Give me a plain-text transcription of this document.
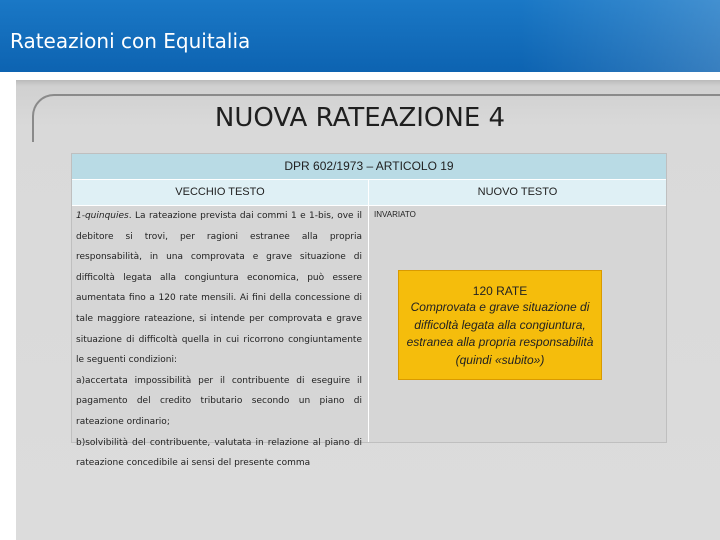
Rateazioni con Equitalia
NUOVA RATEAZIONE 4
DPR 602/1973 – ARTICOLO 19
VECCHIO TESTO	NUOVO TESTO

1-quinquies. La rateazione prevista dai commi 1 e 1-bis, ove il debitore si trovi, per ragioni estranee alla propria responsabilità, in una comprovata e grave situazione di difficoltà legata alla congiuntura economica, può essere aumentata fino a 120 rate mensili. Ai fini della concessione di tale maggiore rateazione, si intende per comprovata e grave situazione di difficoltà quella in cui ricorrono congiuntamente le seguenti condizioni:

a)accertata impossibilità per il contribuente di eseguire il pagamento del credito tributario secondo un piano di rateazione ordinario;

b)solvibilità del contribuente, valutata in relazione al piano di rateazione concedibile ai sensi del presente comma

INVARIATO
120 RATE
Comprovata e grave situazione di difficoltà legata alla congiuntura, estranea alla propria responsabilità (quindi «subito»)
